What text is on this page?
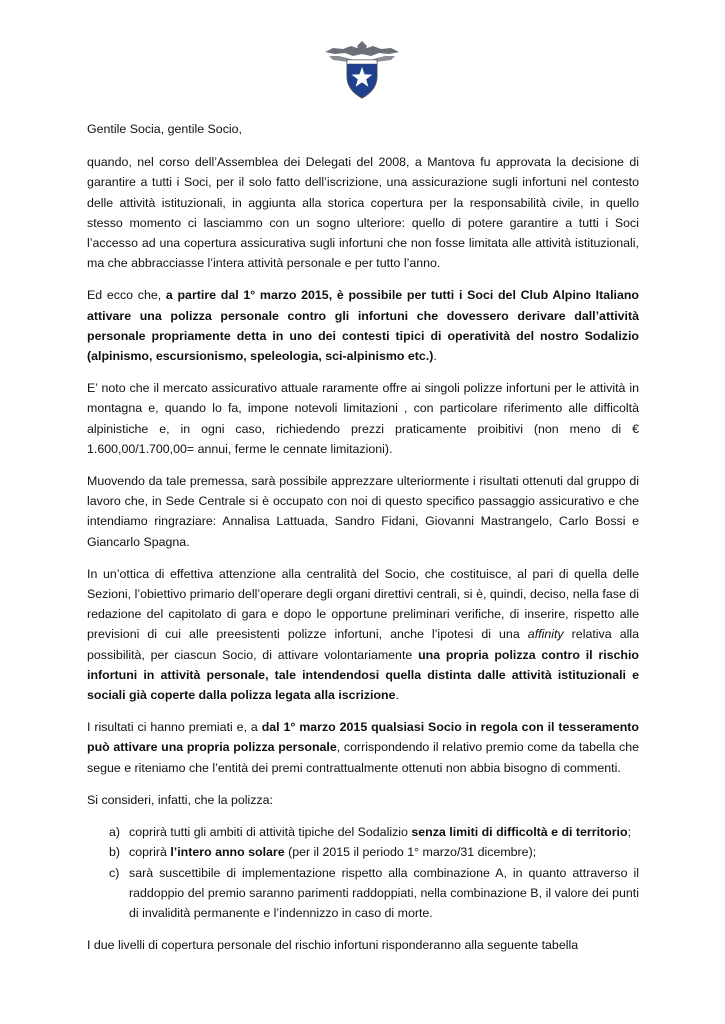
Gentile Socia, gentile Socio,

quando, nel corso dell’Assemblea dei Delegati del 2008, a Mantova fu approvata la decisione di garantire a tutti i Soci, per il solo fatto dell’iscrizione, una assicurazione sugli infortuni nel contesto delle attività istituzionali, in aggiunta alla storica copertura per la responsabilità civile, in quello stesso momento ci lasciammo con un sogno ulteriore: quello di potere garantire a tutti i Soci l’accesso ad una copertura assicurativa sugli infortuni che non fosse limitata alle attività istituzionali, ma che abbracciasse l’intera attività personale e per tutto l’anno.

Ed ecco che, a partire dal 1° marzo 2015, è possibile per tutti i Soci del Club Alpino Italiano attivare una polizza personale contro gli infortuni che dovessero derivare dall’attività personale propriamente detta in uno dei contesti tipici di operatività del nostro Sodalizio (alpinismo, escursionismo, speleologia, sci-alpinismo etc.).

E’ noto che il mercato assicurativo attuale raramente offre ai singoli polizze infortuni per le attività in montagna e, quando lo fa, impone notevoli limitazioni , con particolare riferimento alle difficoltà alpinistiche e, in ogni caso, richiedendo prezzi praticamente proibitivi (non meno di € 1.600,00/1.700,00= annui, ferme le cennate limitazioni).

Muovendo da tale premessa, sarà possibile apprezzare ulteriormente i risultati ottenuti dal gruppo di lavoro che, in Sede Centrale si è occupato con noi di questo specifico passaggio assicurativo e che intendiamo ringraziare: Annalisa Lattuada, Sandro Fidani, Giovanni Mastrangelo, Carlo Bossi e Giancarlo Spagna.

In un’ottica di effettiva attenzione alla centralità del Socio, che costituisce, al pari di quella delle Sezioni, l’obiettivo primario dell’operare degli organi direttivi centrali, si è, quindi, deciso, nella fase di redazione del capitolato di gara e dopo le opportune preliminari verifiche, di inserire, rispetto alle previsioni di cui alle preesistenti polizze infortuni, anche l’ipotesi di una affinity relativa alla possibilità, per ciascun Socio, di attivare volontariamente una propria polizza contro il rischio infortuni in attività personale, tale intendendosi quella distinta dalle attività istituzionali e sociali già coperte dalla polizza legata alla iscrizione.

I risultati ci hanno premiati e, a dal 1° marzo 2015 qualsiasi Socio in regola con il tesseramento può attivare una propria polizza personale, corrispondendo il relativo premio come da tabella che segue e riteniamo che l’entità dei premi contrattualmente ottenuti non abbia bisogno di commenti.

Si consideri, infatti, che la polizza:

a) coprirà tutti gli ambiti di attività tipiche del Sodalizio senza limiti di difficoltà e di territorio;
b) coprirà l’intero anno solare (per il 2015 il periodo 1° marzo/31 dicembre);
c) sarà suscettibile di implementazione rispetto alla combinazione A, in quanto attraverso il raddoppio del premio saranno parimenti raddoppiati, nella combinazione B, il valore dei punti di invalidità permanente e l’indennizzo in caso di morte.

I due livelli di copertura personale del rischio infortuni risponderanno alla seguente tabella
